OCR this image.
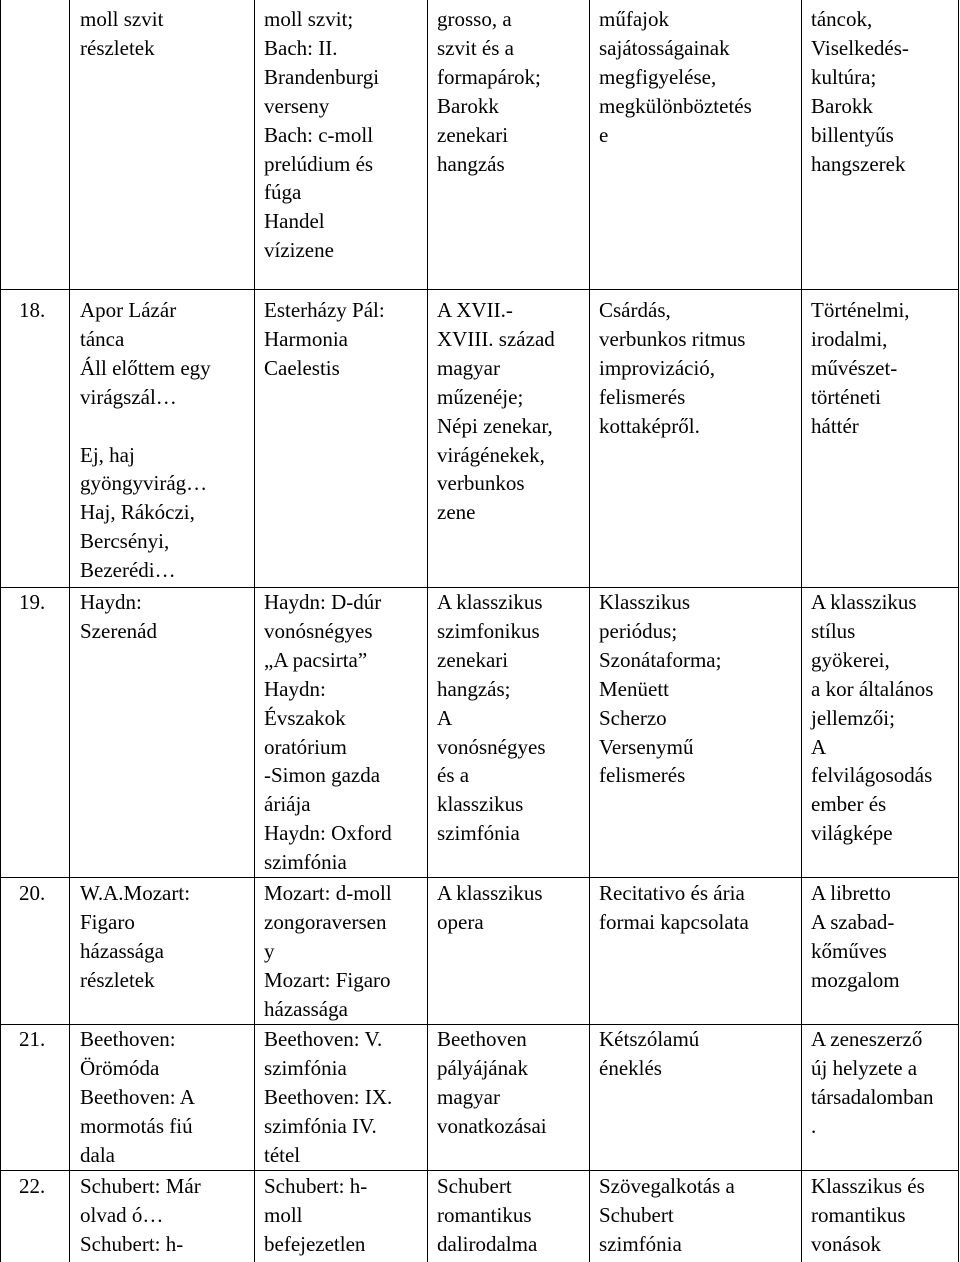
moll szvit
részletek
moll szvit;
Bach: II.
Brandenburgi
verseny
Bach: c-moll
prelúdium és
fúga
Handel
vízizene
grosso, a
szvit és a
formapárok;
Barokk
zenekari
hangzás
műfajok
sajátosságainak
megfigyelése,
megkülönböztetés
e
táncok,
Viselkedés-
kultúra;
Barokk
billentyűs
hangszerek
18. Apor Lázár
tánca
Áll előttem egy
virágszál…

Ej, haj
gyöngyvirág…
Haj, Rákóczi,
Bercsényi,
Bezerédi…
Esterházy Pál:
Harmonia
Caelestis
A XVII.-
XVIII. század
magyar
műzenéje;
Népi zenekar,
virágénekek,
verbunkos
zene
Csárdás,
verbunkos ritmus
improvizáció,
felismerés
kottaképről.
Történelmi,
irodalmi,
művészet-
történeti
háttér
19. Haydn:
Szerenád
Haydn: D-dúr
vonósnégyes
„A pacsirta”
Haydn:
Évszakok
oratórium
-Simon gazda
áriája
Haydn: Oxford
szimfónia
A klasszikus
szimfonikus
zenekari
hangzás;
A
vonósnégyes
és a
klasszikus
szimfónia
Klasszikus
periódus;
Szonátaforma;
Menüett
Scherzo
Versenymű
felismerés
A klasszikus
stílus
gyökerei,
a kor általános
jellemzői;
A
felvilágosodás
ember és
világképe
20. W.A.Mozart:
Figaro
házassága
részletek
Mozart: d-moll
zongoraversen
y
Mozart: Figaro
házassága
A klasszikus
opera
Recitativo és ária
formai kapcsolata
A libretto
A szabad-
kőműves
mozgalom
21. Beethoven:
Örömóda
Beethoven: A
mormotás fiú
dala
Beethoven: V.
szimfónia
Beethoven: IX.
szimfónia IV.
tétel
Beethoven
pályájának
magyar
vonatkozásai
Kétszólamú
éneklés
A zeneszerző
új helyzete a
társadalomban
.
22. Schubert: Már
olvad ó…
Schubert: h-
Schubert: h-
moll
befejezetlen
Schubert
romantikus
dalirodalma
Szövegalkotás a
Schubert
szimfónia
Klasszikus és
romantikus
vonások
